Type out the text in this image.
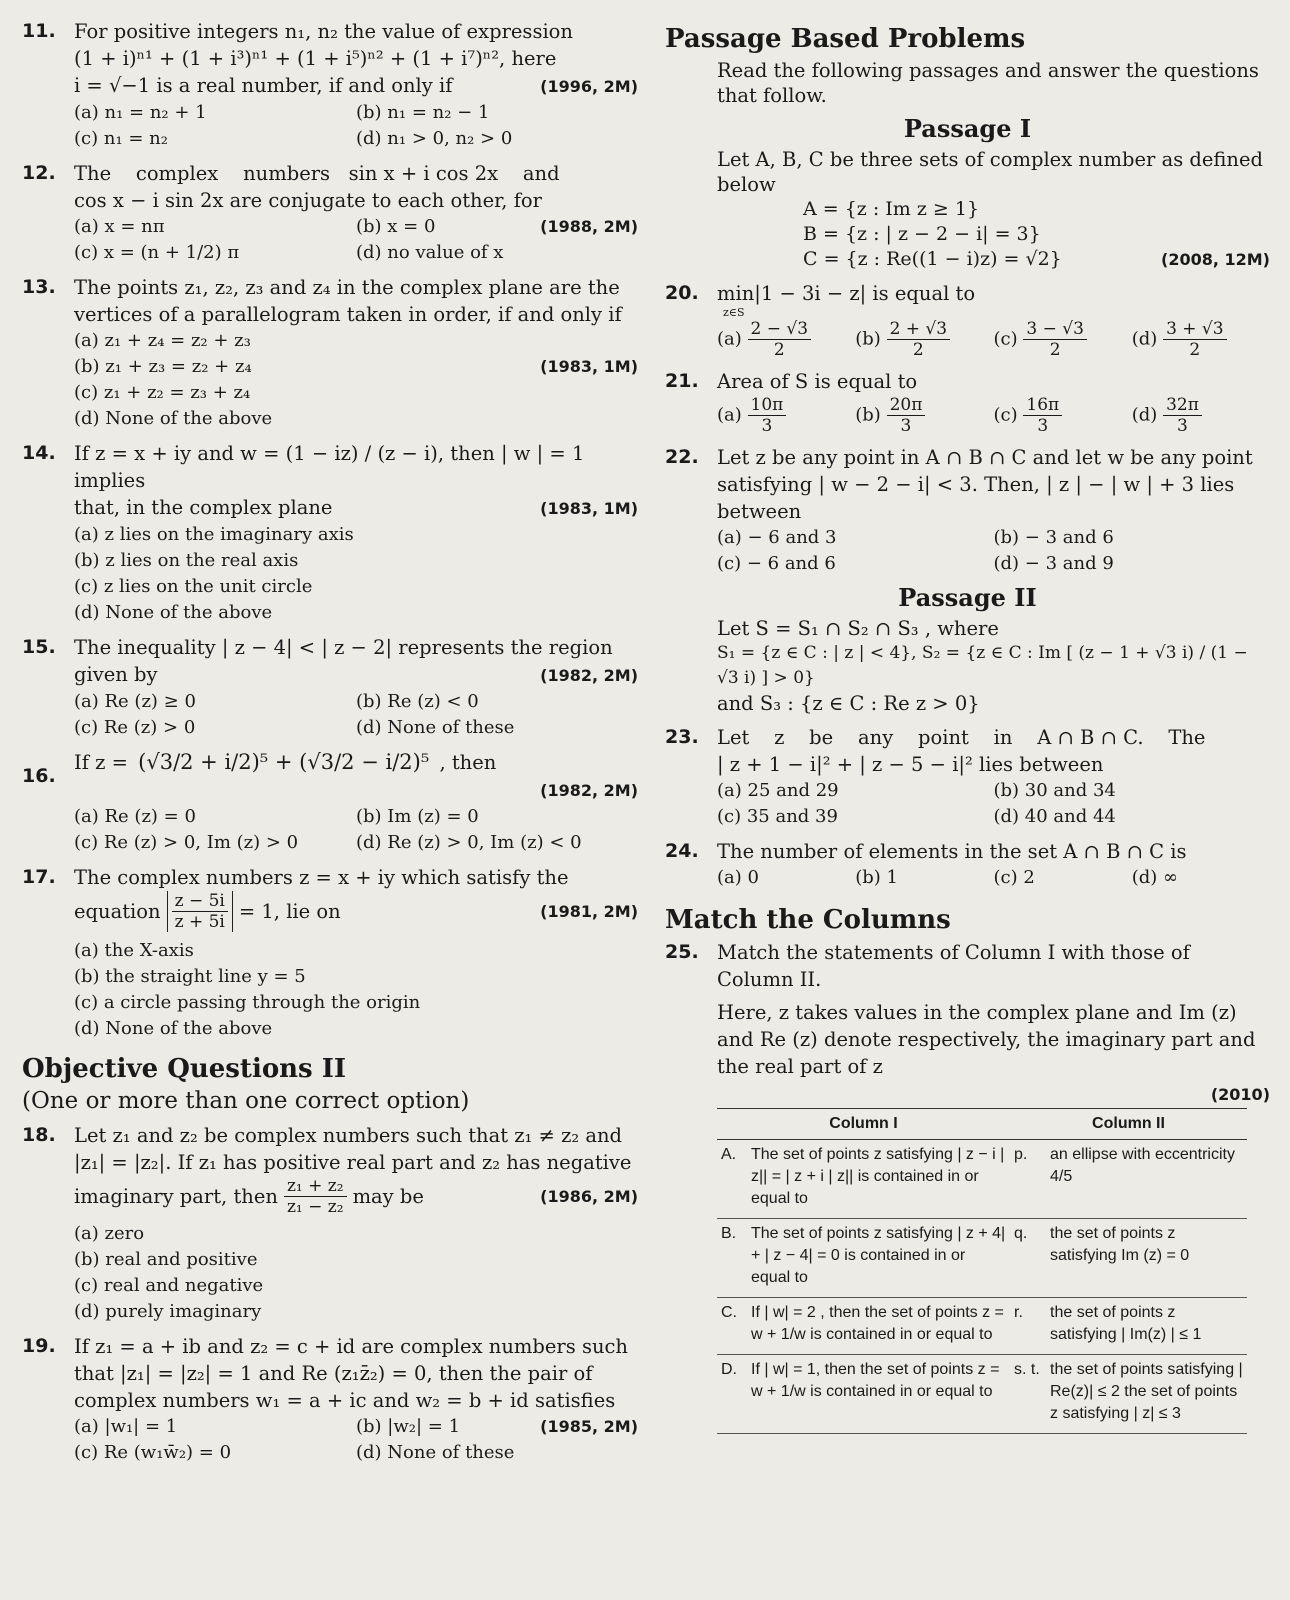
11. For positive integers n₁, n₂ the value of expression
(1 + i)ⁿ¹ + (1 + i³)ⁿ¹ + (1 + i⁵)ⁿ² + (1 + i⁷)ⁿ², here
i = √−1 is a real number, if and only if	(1996, 2M)
(a) n₁ = n₂ + 1	(b) n₁ = n₂ − 1
(c) n₁ = n₂	(d) n₁ > 0, n₂ > 0
12. The    complex    numbers   sin x + i cos 2x    and
cos x − i sin 2x are conjugate to each other, for
(a) x = nπ	(b) x = 0	(1988, 2M)
(c) x = (n + 1/2) π	(d) no value of x
13. The points z₁, z₂, z₃ and z₄ in the complex plane are the
vertices of a parallelogram taken in order, if and only if
(a) z₁ + z₄ = z₂ + z₃
(b) z₁ + z₃ = z₂ + z₄	(1983, 1M)
(c) z₁ + z₂ = z₃ + z₄
(d) None of the above
14. If z = x + iy and w = (1 − iz) / (z − i), then | w | = 1 implies
that, in the complex plane	(1983, 1M)
(a) z lies on the imaginary axis
(b) z lies on the real axis
(c) z lies on the unit circle
(d) None of the above
15. The inequality | z − 4| < | z − 2| represents the region
given by	(1982, 2M)
(a) Re (z) ≥ 0	(b) Re (z) < 0
(c) Re (z) > 0	(d) None of these
16.
If z = (√3/2 + i/2)⁵ + (√3/2 − i/2)⁵ , then
(1982, 2M)
(a) Re (z) = 0	(b) Im (z) = 0
(c) Re (z) > 0, Im (z) > 0	(d) Re (z) > 0, Im (z) < 0
17. The complex numbers z = x + iy which satisfy the
equation $\frac{z - 5i}{z + 5i} = 1$, lie on	(1981, 2M)
(a) the X-axis
(b) the straight line y = 5
(c) a circle passing through the origin
(d) None of the above
Objective Questions II
(One or more than one correct option)
18. Let z₁ and z₂ be complex numbers such that z₁ ≠ z₂ and
|z₁| = |z₂|. If z₁ has positive real part and z₂ has negative
imaginary part, then $\frac{\text{z₁ + z₂}}{\text{z₁ − z₂}}$ may be	(1986, 2M)
(a) zero
(b) real and positive
(c) real and negative
(d) purely imaginary
19. If z₁ = a + ib and z₂ = c + id are complex numbers such
that |z₁| = |z₂| = 1 and Re (z₁z̄₂) = 0, then the pair of
complex numbers w₁ = a + ic and w₂ = b + id satisfies
(a) |w₁| = 1	(b) |w₂| = 1	(1985, 2M)
(c) Re (w₁w̄₂) = 0	(d) None of these
Passage Based Problems
Read the following passages and answer the questions that follow.
Passage I
Let A, B, C be three sets of complex number as defined
below
A = {z : Im z ≥ 1}
B = {z : | z − 2 − i| = 3}
C = {z : Re((1 − i)z) = √2}	(2008, 12M)
20. min|1 − 3i − z| is equal to
z∈S
$(a) \frac{2 - √3}{2} (b) \frac{2 + √3}{2} (c) \frac{3 - √3}{2} (d) \frac{3 + √3}{2}$
21. Area of S is equal to
$(a) \frac{10\pi}{3}$	$(b) \frac{20\pi}{3}$	$(c) \frac{16\pi}{3}$	$(d) \frac{32\pi}{3}$
22. Let z be any point in A ∩ B ∩ C and let w be any point
satisfying | w − 2 − i| < 3. Then, | z | − | w | + 3 lies between
(a) − 6 and 3	(b) − 3 and 6
(c) − 6 and 6	(d) − 3 and 9
Passage II
Let S = S₁ ∩ S₂ ∩ S₃ , where
S₁ = {z ∈ C : | z | < 4}, S₂ = {z ∈ C : Im [ (z − 1 + √3 i) / (1 − √3 i) ] > 0}
and S₃ : {z ∈ C : Re z > 0}
23. Let    z    be    any    point    in    A ∩ B ∩ C.    The
| z + 1 − i|² + | z − 5 − i|² lies between
(a) 25 and 29	(b) 30 and 34
(c) 35 and 39	(d) 40 and 44
24. The number of elements in the set A ∩ B ∩ C is
(a) 0	(b) 1	(c) 2	(d) ∞
Match the Columns
25. Match the statements of Column I with those of Column II.
Here, z takes values in the complex plane and Im (z) and Re (z) denote respectively, the imaginary part and the real part of z
(2010)
Column I		Column II	
A.	The set of points z satisfying | z − i | z|| = | z + i | z|| is contained in or equal to	p.	an ellipse with eccentricity 4/5
B.	The set of points z satisfying | z + 4| + | z − 4| = 0 is contained in or equal to	q.	the set of points z satisfying Im (z) = 0
C.	If | w| = 2 , then the set of points z = w + 1/w is contained in or equal to	r.	the set of points z satisfying | Im(z) | ≤ 1
D.	If | w| = 1, then the set of points z = w + 1/w is contained in or equal to	s. t.	the set of points satisfying | Re(z)| ≤ 2 the set of points z satisfying | z| ≤ 3
